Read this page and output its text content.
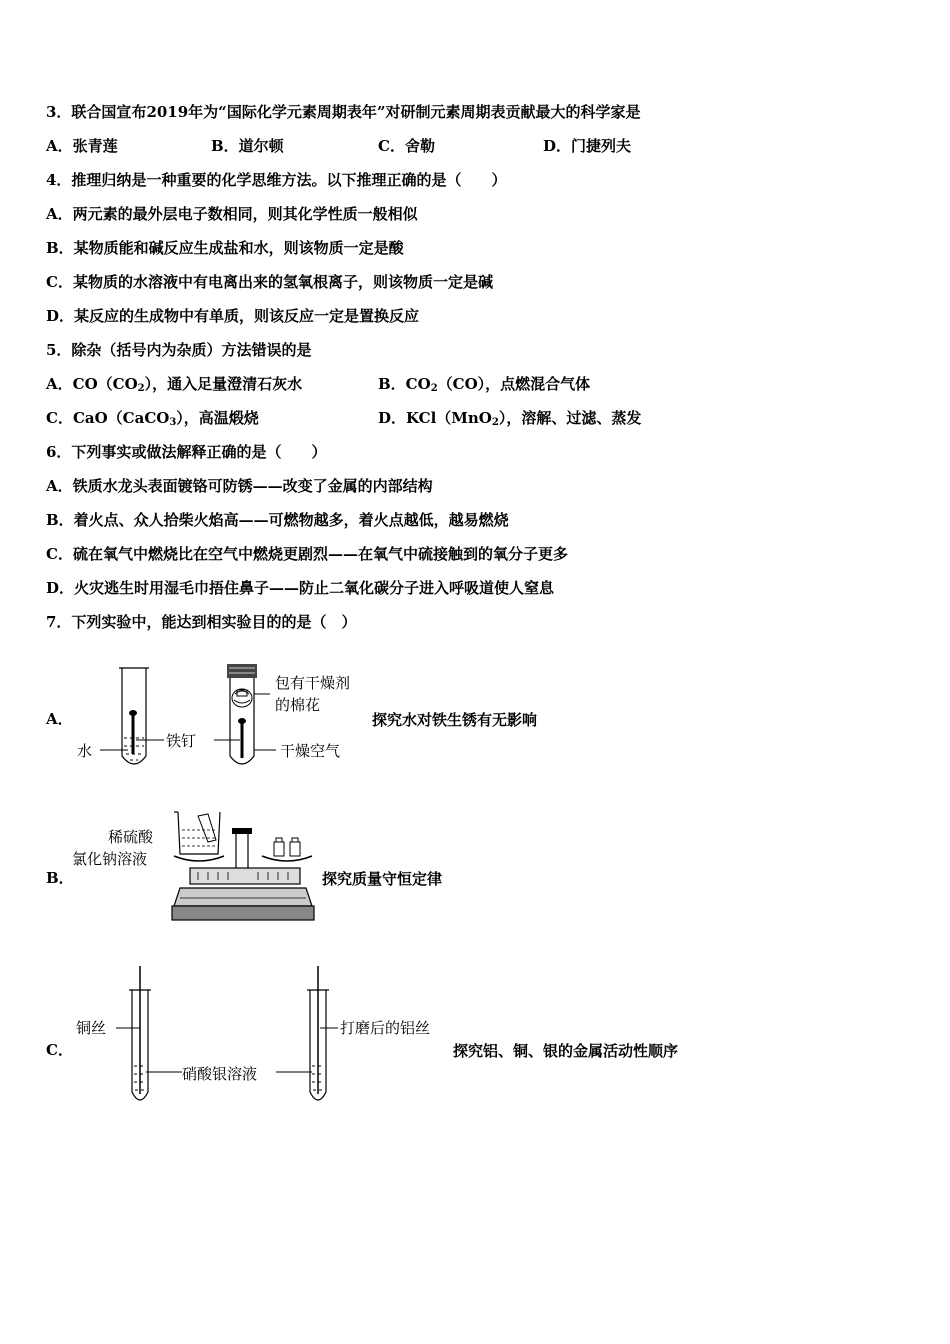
3．联合国宣布2019年为“国际化学元素周期表年”对研制元素周期表贡献最大的科学家是
A．张青莲	B．道尔顿	C．舍勒	D．门捷列夫
4．推理归纳是一种重要的化学思维方法。以下推理正确的是（　　）
A．两元素的最外层电子数相同，则其化学性质一般相似
B．某物质能和碱反应生成盐和水，则该物质一定是酸
C．某物质的水溶液中有电离出来的氢氧根离子，则该物质一定是碱
D．某反应的生成物中有单质，则该反应一定是置换反应
5．除杂（括号内为杂质）方法错误的是
A．$CO(CO_2)$，通入足量澄清石灰水	B．$CO_2(CO)$，点燃混合气体
C．CaO（CaCO$_3$），高温煅烧	D．KCl（MnO$_2$），溶解、过滤、蒸发
6．下列事实或做法解释正确的是（　　）
A．铁质水龙头表面镀铬可防锈——改变了金属的内部结构
B．着火点、众人拾柴火焰高——可燃物越多，着火点越低，越易燃烧
C．硫在氧气中燃烧比在空气中燃烧更剧烈——在氧气中硫接触到的氧分子更多
D．火灾逃生时用湿毛巾捂住鼻子——防止二氧化碳分子进入呼吸道使人窒息
7．下列实验中，能达到相实验目的的是（　）
A．
水
铁钉
包有干燥剂
的棉花
干燥空气
探究水对铁生锈有无影响
B．
稀硫酸
氯化钠溶液
探究质量守恒定律
C．
铜丝
硝酸银溶液
打磨后的铝丝
探究铝、铜、银的金属活动性顺序
